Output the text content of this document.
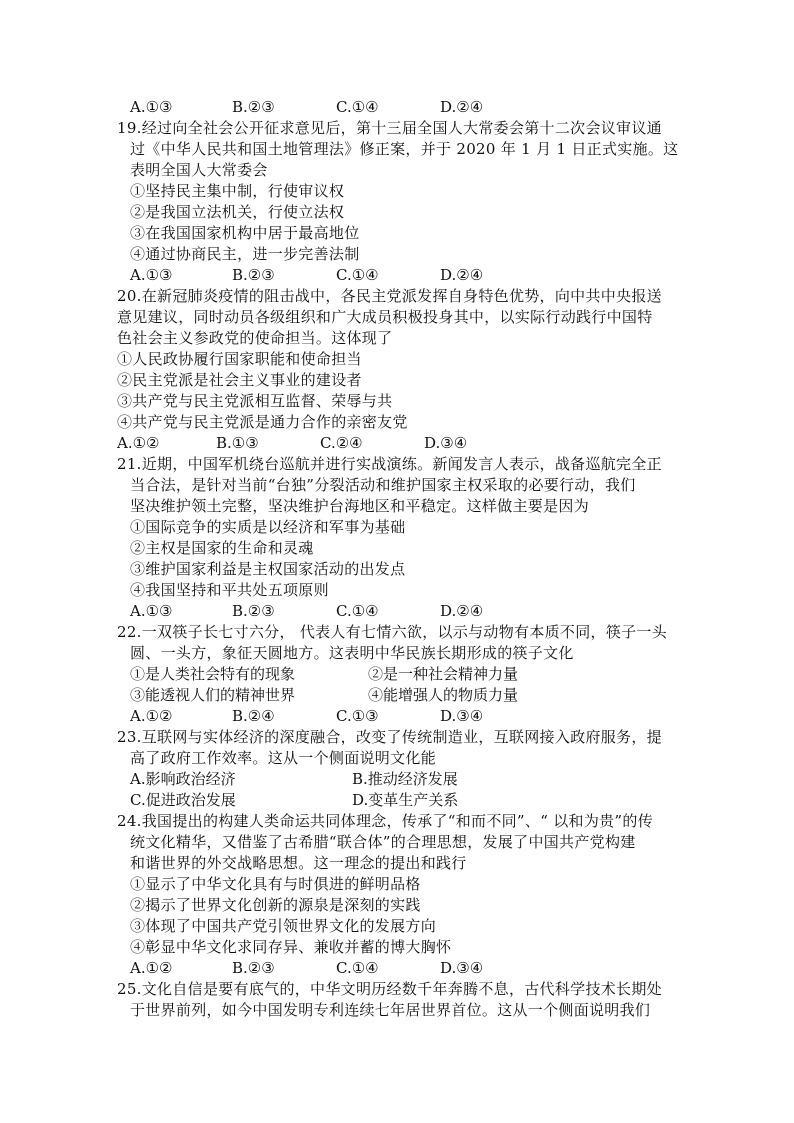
A.①③	B.②③	C.①④	D.②④
19.经过向全社会公开征求意见后，第十三届全国人大常委会第十二次会议审议通
过《中华人民共和国土地管理法》修正案，并于 2020 年 1 月 1 日正式实施。这
表明全国人大常委会
①坚持民主集中制，行使审议权
②是我国立法机关，行使立法权
③在我国国家机构中居于最高地位
④通过协商民主，进一步完善法制
A.①③	B.②③	C.①④	D.②④
20.在新冠肺炎疫情的阻击战中，各民主党派发挥自身特色优势，向中共中央报送
意见建议，同时动员各级组织和广大成员积极投身其中，以实际行动践行中国特
色社会主义参政党的使命担当。这体现了
①人民政协履行国家职能和使命担当
②民主党派是社会主义事业的建设者
③共产党与民主党派相互监督、荣辱与共
④共产党与民主党派是通力合作的亲密友党
A.①②	B.①③	C.②④	D.③④
21.近期，中国军机绕台巡航并进行实战演练。新闻发言人表示，战备巡航完全正
当合法，是针对当前“台独”分裂活动和维护国家主权采取的必要行动，我们
坚决维护领土完整，坚决维护台海地区和平稳定。这样做主要是因为
①国际竞争的实质是以经济和军事为基础
②主权是国家的生命和灵魂
③维护国家利益是主权国家活动的出发点
④我国坚持和平共处五项原则
A.①③	B.②③	C.①④	D.②④
22.一双筷子长七寸六分， 代表人有七情六欲，以示与动物有本质不同，筷子一头
圆、一头方，象征天圆地方。这表明中华民族长期形成的筷子文化
①是人类社会特有的现象	②是一种社会精神力量
③能透视人们的精神世界	④能增强人的物质力量
A.①②	B.②④	C.①③	D.③④
23.互联网与实体经济的深度融合，改变了传统制造业，互联网接入政府服务，提
高了政府工作效率。这从一个侧面说明文化能
A.影响政治经济	B.推动经济发展
C.促进政治发展	D.变革生产关系
24.我国提出的构建人类命运共同体理念，传承了“和而不同”、“ 以和为贵”的传
统文化精华，又借鉴了古希腊“联合体”的合理思想，发展了中国共产党构建
和谐世界的外交战略思想。这一理念的提出和践行
①显示了中华文化具有与时俱进的鲜明品格
②揭示了世界文化创新的源泉是深刻的实践
③体现了中国共产党引领世界文化的发展方向
④彰显中华文化求同存异、兼收并蓄的博大胸怀
A.①②	B.②③	C.①④	D.③④
25.文化自信是要有底气的，中华文明历经数千年奔腾不息，古代科学技术长期处
于世界前列，如今中国发明专利连续七年居世界首位。这从一个侧面说明我们
